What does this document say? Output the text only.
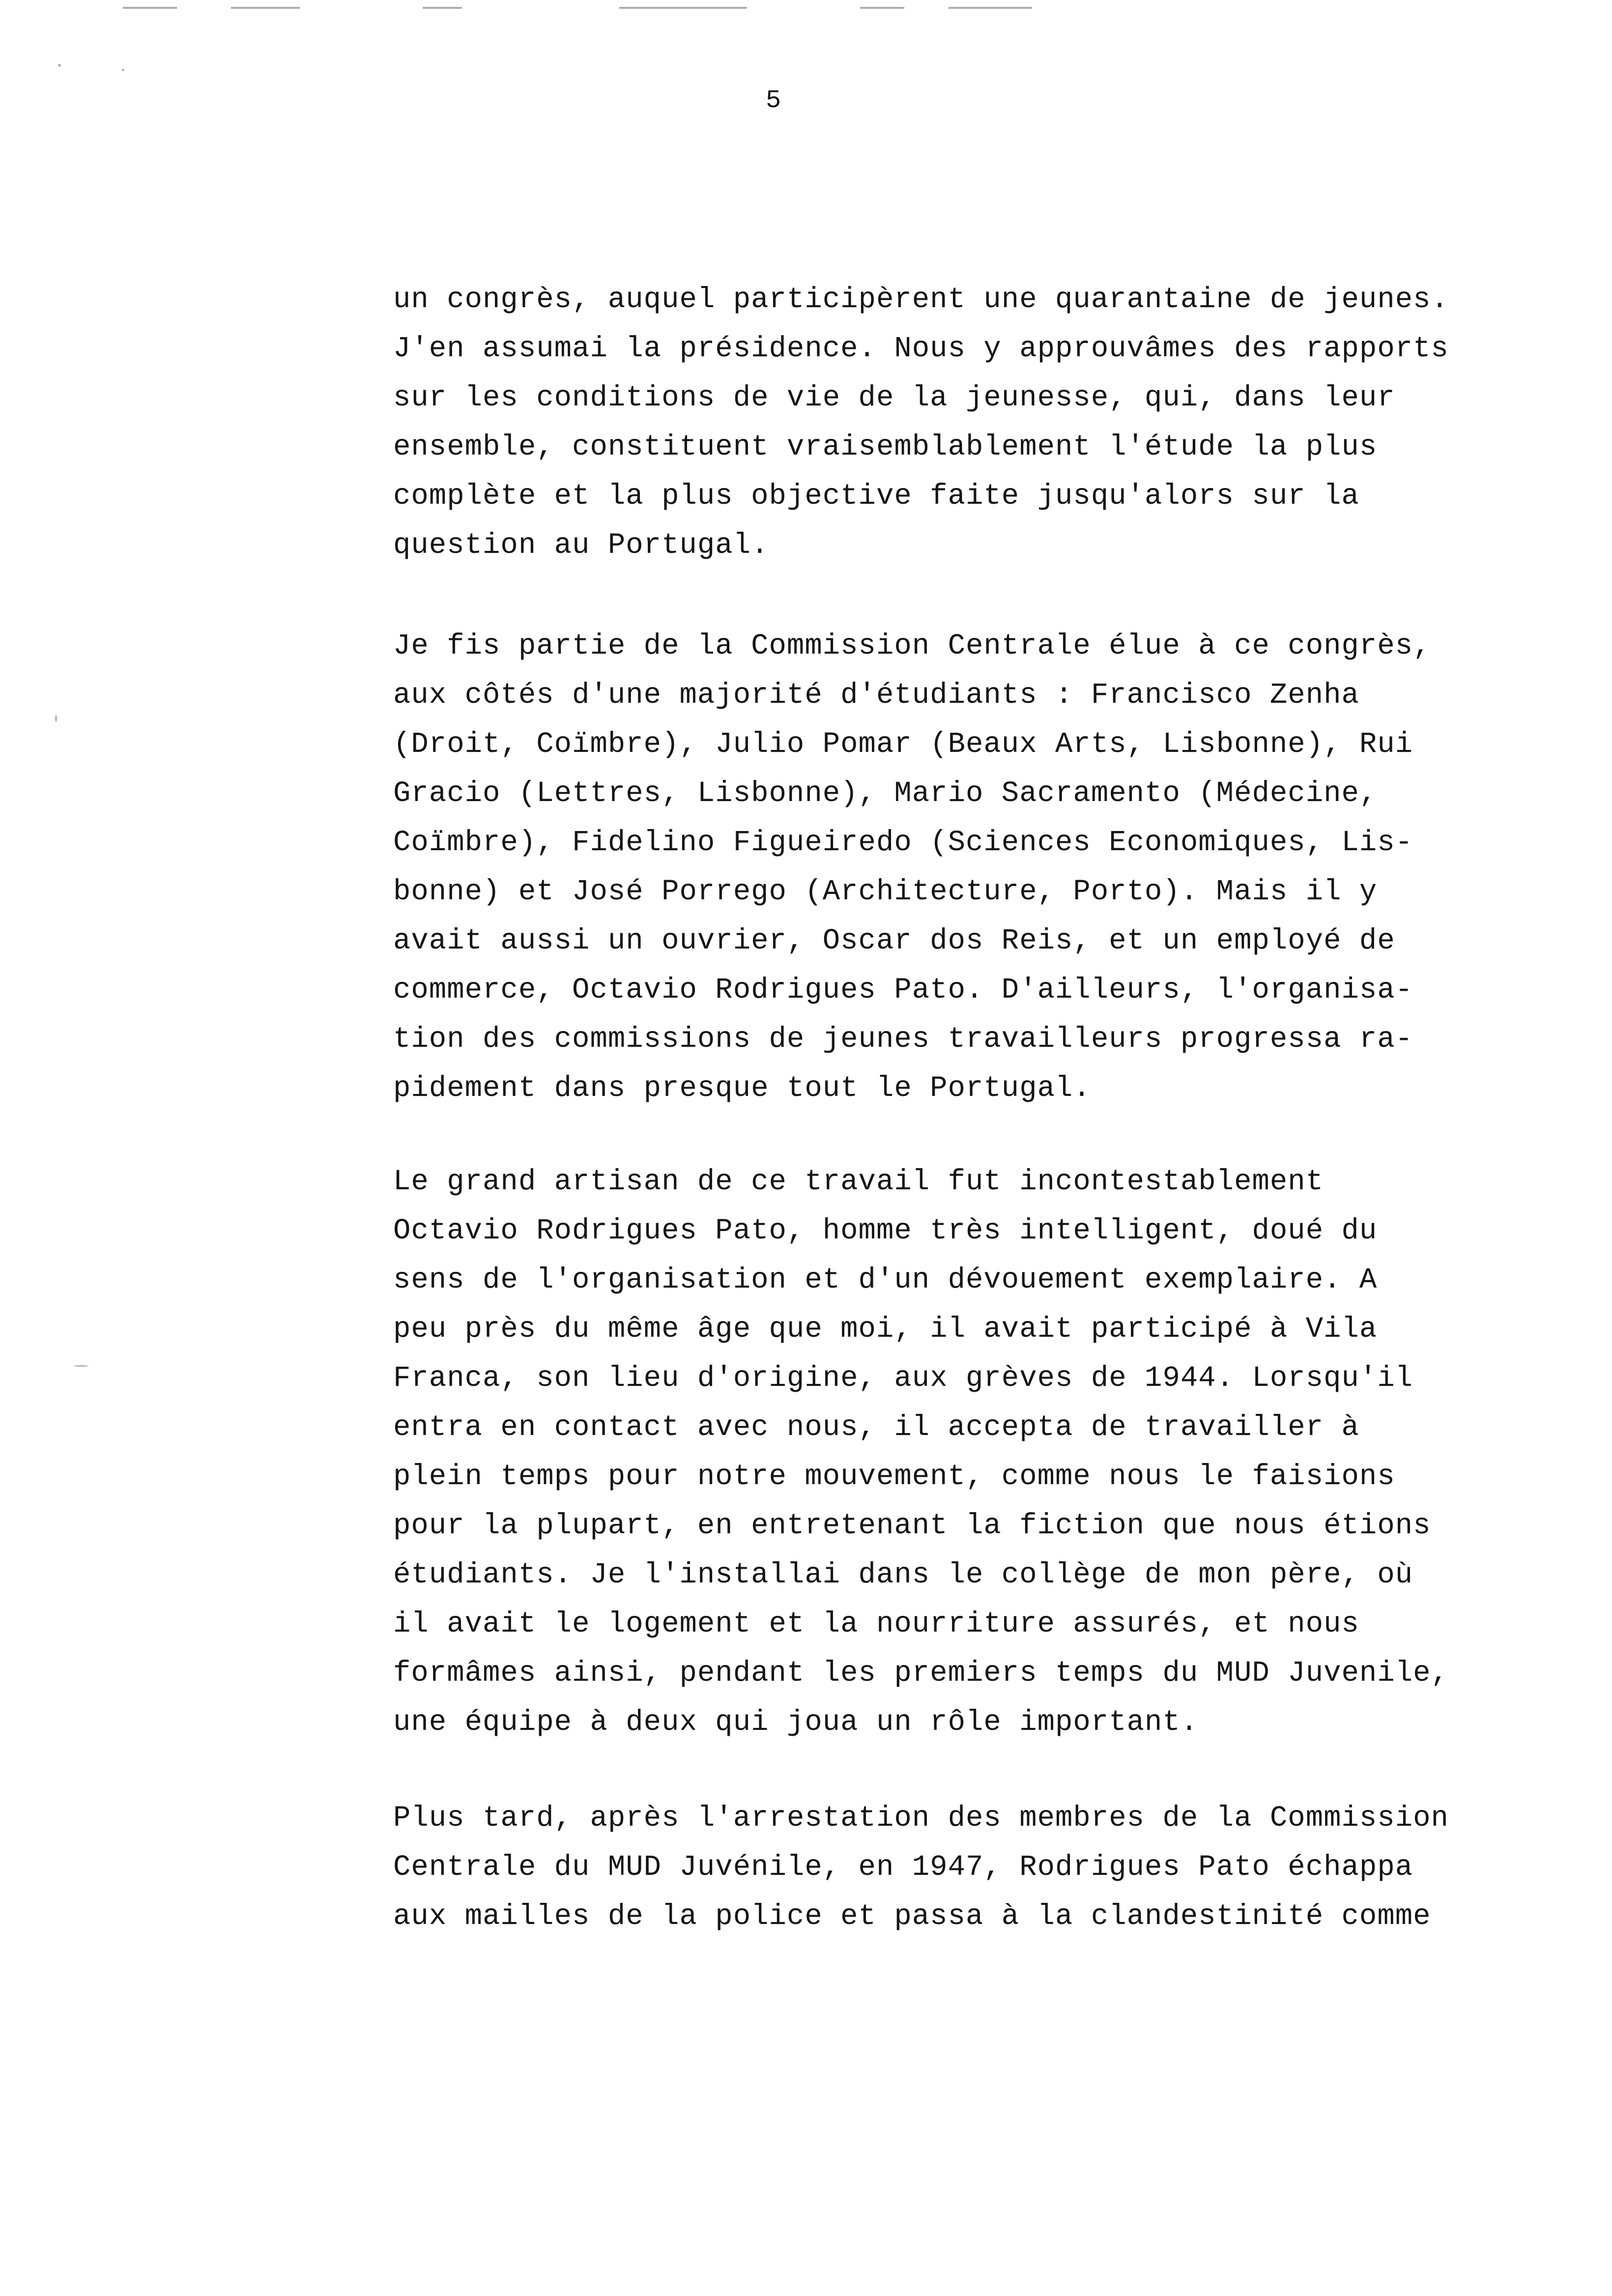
5
un congrès, auquel participèrent une quarantaine de jeunes.
J'en assumai la présidence. Nous y approuvâmes des rapports
sur les conditions de vie de la jeunesse, qui, dans leur
ensemble, constituent vraisemblablement l'étude la plus
complète et la plus objective faite jusqu'alors sur la
question au Portugal.
Je fis partie de la Commission Centrale élue à ce congrès,
aux côtés d'une majorité d'étudiants : Francisco Zenha
(Droit, Coïmbre), Julio Pomar (Beaux Arts, Lisbonne), Rui
Gracio (Lettres, Lisbonne), Mario Sacramento (Médecine,
Coïmbre), Fidelino Figueiredo (Sciences Economiques, Lis-
bonne) et José Porrego (Architecture, Porto). Mais il y
avait aussi un ouvrier, Oscar dos Reis, et un employé de
commerce, Octavio Rodrigues Pato. D'ailleurs, l'organisa-
tion des commissions de jeunes travailleurs progressa ra-
pidement dans presque tout le Portugal.
Le grand artisan de ce travail fut incontestablement
Octavio Rodrigues Pato, homme très intelligent, doué du
sens de l'organisation et d'un dévouement exemplaire. A
peu près du même âge que moi, il avait participé à Vila
Franca, son lieu d'origine, aux grèves de 1944. Lorsqu'il
entra en contact avec nous, il accepta de travailler à
plein temps pour notre mouvement, comme nous le faisions
pour la plupart, en entretenant la fiction que nous étions
étudiants. Je l'installai dans le collège de mon père, où
il avait le logement et la nourriture assurés, et nous
formâmes ainsi, pendant les premiers temps du MUD Juvenile,
une équipe à deux qui joua un rôle important.
Plus tard, après l'arrestation des membres de la Commission
Centrale du MUD Juvénile, en 1947, Rodrigues Pato échappa
aux mailles de la police et passa à la clandestinité comme
